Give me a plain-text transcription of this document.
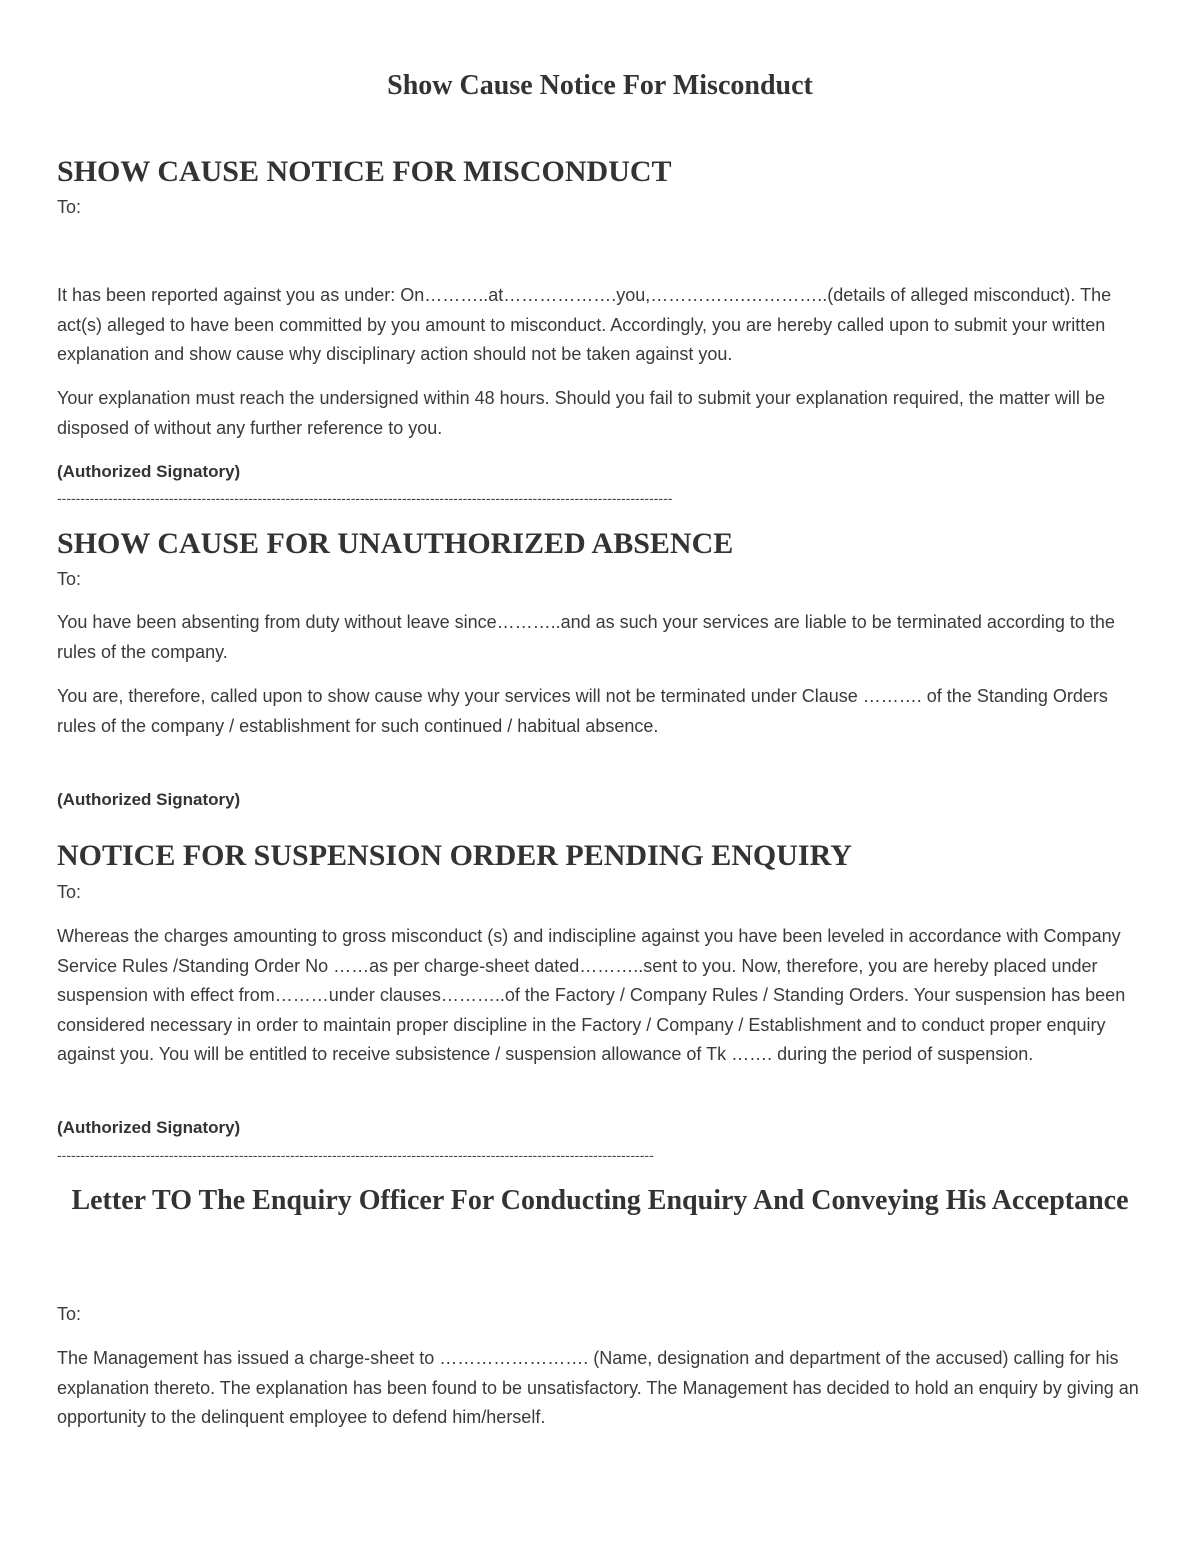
Show Cause Notice For Misconduct
SHOW CAUSE NOTICE FOR MISCONDUCT

To:

It has been reported against you as under: On………..at……………….you,…………….…………..(details of alleged misconduct). The act(s) alleged to have been committed by you amount to misconduct. Accordingly, you are hereby called upon to submit your written explanation and show cause why disciplinary action should not be taken against you.

Your explanation must reach the undersigned within 48 hours. Should you fail to submit your explanation required, the matter will be disposed of without any further reference to you.

(Authorized Signatory)

------------------------------------------------------------------------------------------------------------------------------------

SHOW CAUSE FOR UNAUTHORIZED ABSENCE

To:

You have been absenting from duty without leave since………..and as such your services are liable to be terminated according to the rules of the company.

You are, therefore, called upon to show cause why your services will not be terminated under Clause ………. of the Standing Orders rules of the company / establishment for such continued / habitual absence.

(Authorized Signatory)

NOTICE FOR SUSPENSION ORDER PENDING ENQUIRY

To:

Whereas the charges amounting to gross misconduct (s) and indiscipline against you have been leveled in accordance with Company Service Rules /Standing Order No ……as per charge-sheet dated………..sent to you. Now, therefore, you are hereby placed under suspension with effect from………under clauses………..of the Factory / Company Rules / Standing Orders. Your suspension has been considered necessary in order to maintain proper discipline in the Factory / Company / Establishment and to conduct proper enquiry against you. You will be entitled to receive subsistence / suspension allowance of Tk ……. during the period of suspension.

(Authorized Signatory)

--------------------------------------------------------------------------------------------------------------------------------

Letter TO The Enquiry Officer For Conducting Enquiry And Conveying His Acceptance

To:

The Management has issued a charge-sheet to ……………………. (Name, designation and department of the accused) calling for his explanation thereto. The explanation has been found to be unsatisfactory. The Management has decided to hold an enquiry by giving an opportunity to the delinquent employee to defend him/herself.
